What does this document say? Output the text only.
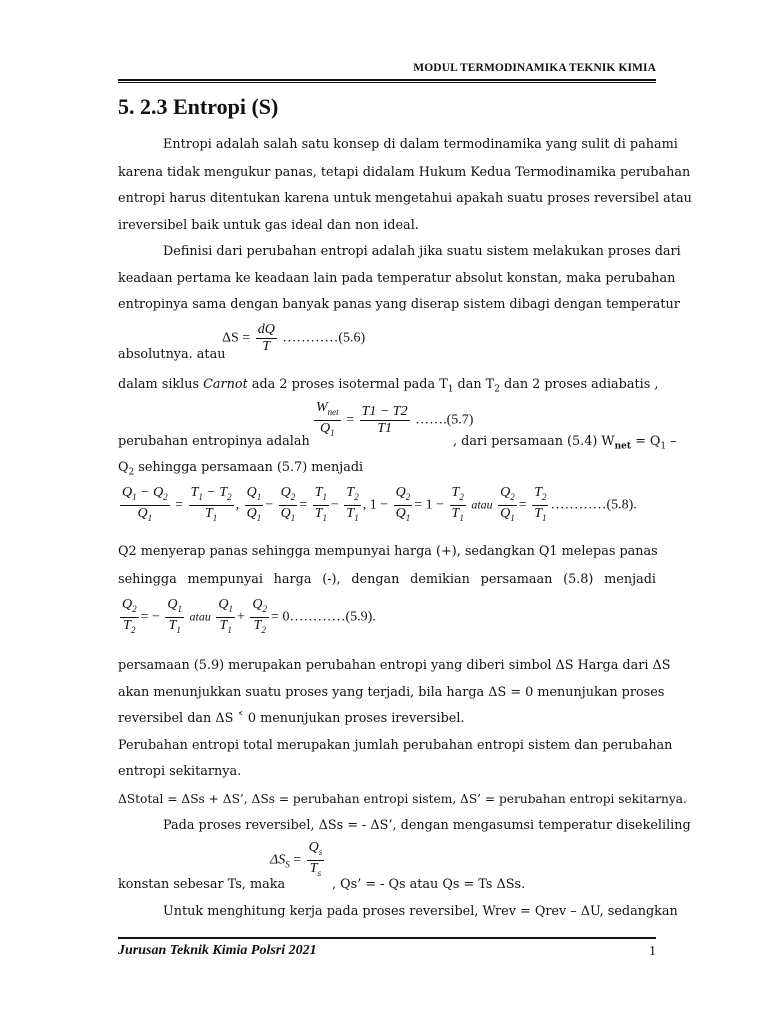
MODUL TERMODINAMIKA TEKNIK KIMIA
5. 2.3 Entropi (S)
Entropi adalah salah satu konsep di dalam termodinamika yang sulit di pahami
karena tidak mengukur panas, tetapi didalam Hukum Kedua Termodinamika perubahan
entropi harus ditentukan karena untuk mengetahui apakah suatu proses reversibel atau
ireversibel baik untuk gas ideal dan non ideal.
Definisi dari perubahan entropi adalah jika suatu sistem melakukan proses dari
keadaan pertama ke keadaan lain pada temperatur absolut konstan, maka perubahan
entropinya sama dengan banyak panas yang diserap sistem dibagi dengan temperatur
absolutnya. atau
$\Delta S = \frac{dQ}{T}$ …………(5.6)
dalam siklus Carnot ada 2 proses isotermal pada $T_1$ dan $T_2$ dan 2 proses adiabatis ,
$\frac{W_{net}}{Q_1} = \frac{T1 - T2}{T1}$ …….(5.7)
perubahan entropinya adalah	, dari persamaan (5.4) $W_{net} = Q_1$ –
$Q_2$ sehingga persamaan (5.7) menjadi
$\frac{Q_1 - Q_2}{Q_1} = \frac{T_1 - T_2}{T_1}$ , $\frac{Q_1}{Q_1} - \frac{Q_2}{Q_1} = \frac{T_1}{T_1} - \frac{T_2}{T_1}$ , $1 - \frac{Q_2}{Q_1} = 1 - \frac{T_2}{T_1}$ atau $\frac{Q_2}{Q_1} = \frac{T_2}{T_1}$ …………(5.8).
Q2 menyerap panas sehingga mempunyai harga (+), sedangkan Q1 melepas panas
sehingga mempunyai harga (-), dengan demikian persamaan (5.8) menjadi
$\frac{Q_2}{T_2}$ = − $\frac{Q_1}{T_1}$ atau $\frac{Q_1}{T_1} + \frac{Q_2}{T_2}$ = 0…………(5.9).
persamaan (5.9) merupakan perubahan entropi yang diberi simbol ΔS Harga dari ΔS
akan menunjukkan suatu proses yang terjadi, bila harga ΔS = 0 menunjukan proses
reversibel dan ΔS ˂ 0 menunjukan proses ireversibel.
Perubahan entropi total merupakan jumlah perubahan entropi sistem dan perubahan
entropi sekitarnya.
ΔStotal = ΔSs + ΔS’, ΔSs = perubahan entropi sistem, ΔS’ = perubahan entropi sekitarnya.
Pada proses reversibel, ΔSs = - ΔS’, dengan mengasumsi temperatur disekeliling
$\Delta S_S = \frac{Q_s}{T_s}$
konstan sebesar Ts, maka	, Qs’ = - Qs atau Qs = Ts ΔSs.
Untuk menghitung kerja pada proses reversibel, Wrev = Qrev – ΔU, sedangkan
Jurusan Teknik Kimia Polsri 2021	1
